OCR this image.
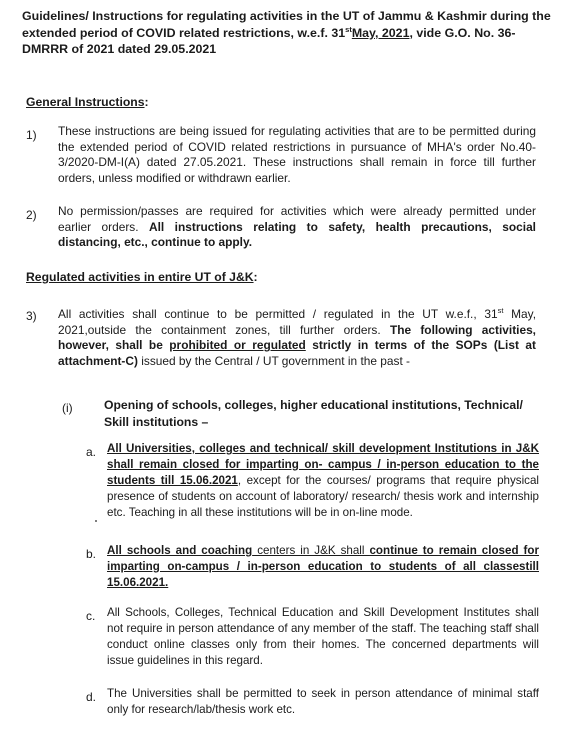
Guidelines/ Instructions for regulating activities in the UT of Jammu & Kashmir during the extended period of COVID related restrictions, w.e.f. 31stMay, 2021, vide G.O. No. 36- DMRRR of 2021 dated 29.05.2021
General Instructions:
1) These instructions are being issued for regulating activities that are to be permitted during the extended period of COVID related restrictions in pursuance of MHA's order No.40-3/2020-DM-I(A) dated 27.05.2021. These instructions shall remain in force till further orders, unless modified or withdrawn earlier.
2) No permission/passes are required for activities which were already permitted under earlier orders. All instructions relating to safety, health precautions, social distancing, etc., continue to apply.
Regulated activities in entire UT of J&K:
3) All activities shall continue to be permitted / regulated in the UT w.e.f., 31st May, 2021,outside the containment zones, till further orders. The following activities, however, shall be prohibited or regulated strictly in terms of the SOPs (List at attachment-C) issued by the Central / UT government in the past -
(i)	Opening of schools, colleges, higher educational institutions, Technical/ Skill institutions –
a. All Universities, colleges and technical/ skill development Institutions in J&K shall remain closed for imparting on- campus / in-person education to the students till 15.06.2021, except for the courses/ programs that require physical presence of students on account of laboratory/ research/ thesis work and internship etc. Teaching in all these institutions will be in on-line mode.
b. All schools and coaching centers in J&K shall continue to remain closed for imparting on-campus / in-person education to students of all classestill 15.06.2021.
c. All Schools, Colleges, Technical Education and Skill Development Institutes shall not require in person attendance of any member of the staff. The teaching staff shall conduct online classes only from their homes. The concerned departments will issue guidelines in this regard.
d. The Universities shall be permitted to seek in person attendance of minimal staff only for research/lab/thesis work etc.
